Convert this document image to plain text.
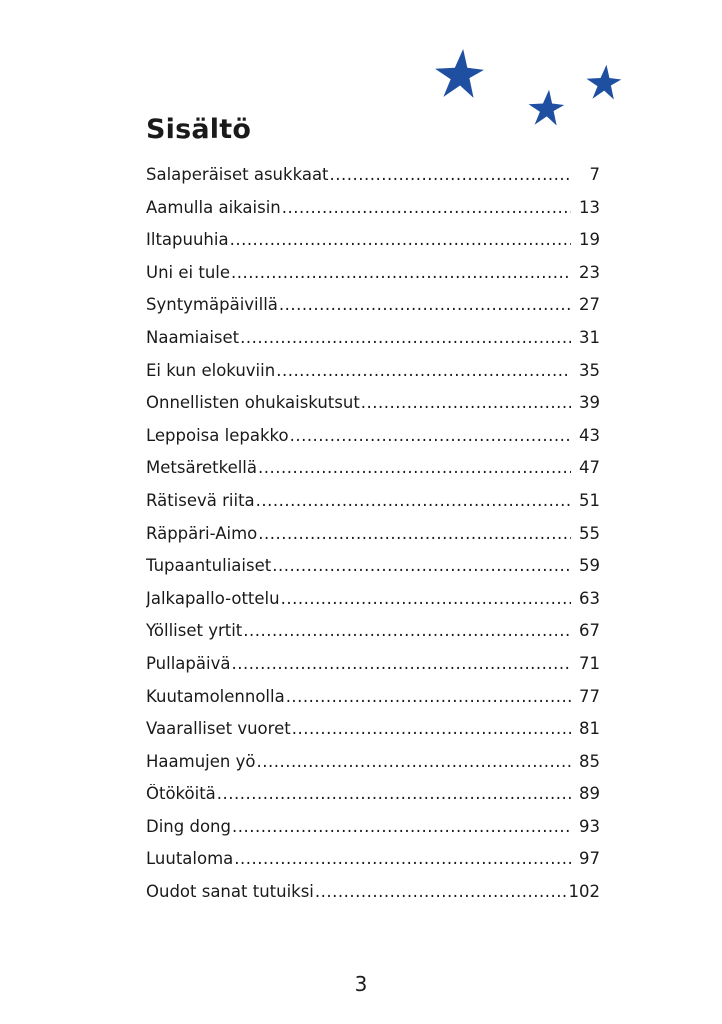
Sisältö
Salaperäiset asukkaat .....	7
Aamulla aikaisin .....	13
Iltapuuhia .....	19
Uni ei tule .....	23
Syntymäpäivillä .....	27
Naamiaiset .....	31
Ei kun elokuviin .....	35
Onnellisten ohukaiskutsut .....	39
Leppoisa lepakko .....	43
Metsäretkellä .....	47
Rätisevä riita .....	51
Räppäri-Aimo .....	55
Tupaantuliaiset .....	59
Jalkapallo-ottelu .....	63
Yölliset yrtit .....	67
Pullapäivä .....	71
Kuutamolennolla .....	77
Vaaralliset vuoret .....	81
Haamujen yö .....	85
Ötököitä .....	89
Ding dong .....	93
Luutaloma .....	97
Oudot sanat tutuiksi .....	102
3
